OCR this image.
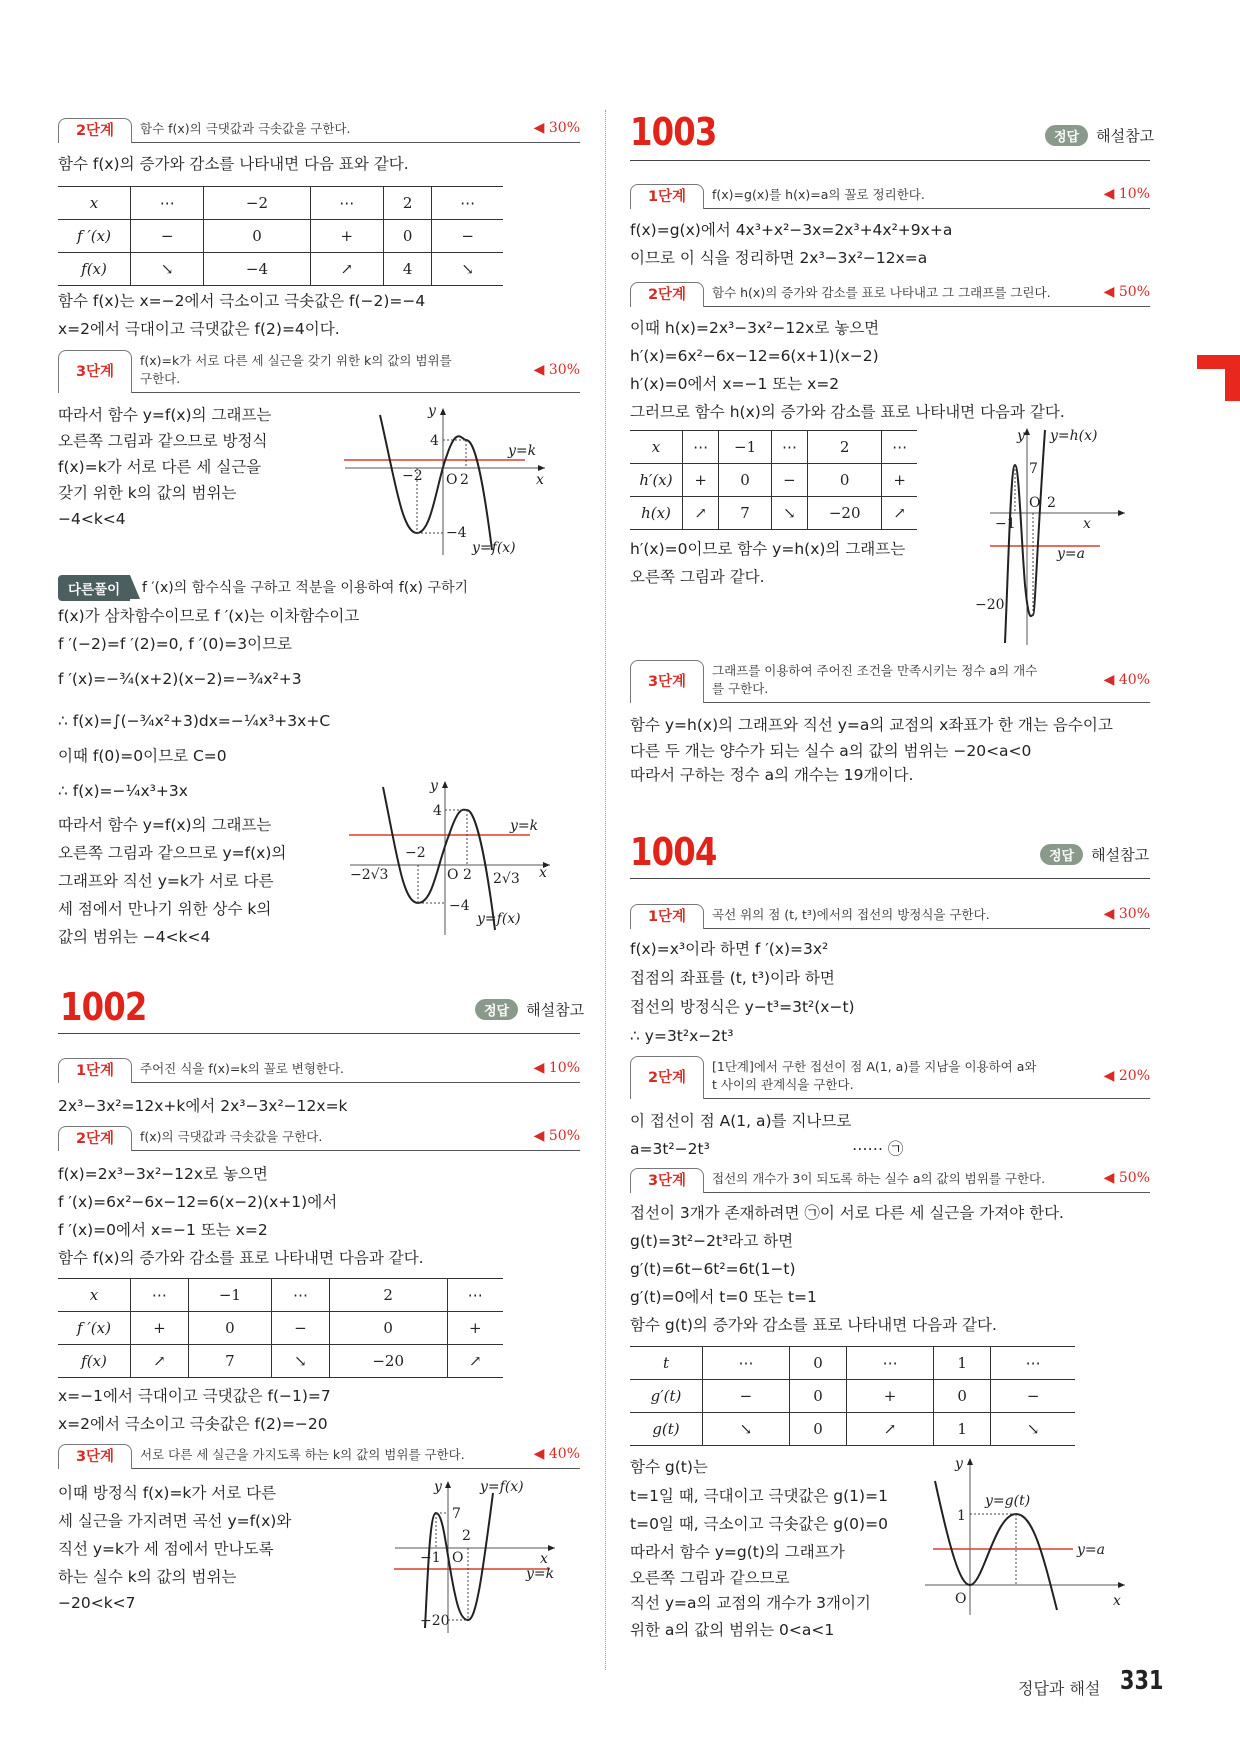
2단계	함수 f(x)의 극댓값과 극솟값을 구한다.	◀ 30%
함수 f(x)의 증가와 감소를 나타내면 다음 표와 같다.
x	⋯	−2	⋯	2	⋯
f ′(x)	−	0	+	0	−
f(x)	↘	−4	↗	4	↘
함수 f(x)는 x=−2에서 극소이고 극솟값은 f(−2)=−4
x=2에서 극대이고 극댓값은 f(2)=4이다.
3단계
f(x)=k가 서로 다른 세 실근을 갖기 위한 k의 값의 범위를
구한다.
◀ 30%
따라서 함수 y=f(x)의 그래프는
오른쪽 그림과 같으므로 방정식
f(x)=k가 서로 다른 세 실근을
갖기 위한 k의 값의 범위는
−4<k<4
y
4
−2 O 2
−4
x
y=k
y=f(x)
다른풀이	f ′(x)의 함수식을 구하고 적분을 이용하여 f(x) 구하기
f(x)가 삼차함수이므로 f ′(x)는 이차함수이고
f ′(−2)=f ′(2)=0, f ′(0)=3이므로
f ′(x)=−¾(x+2)(x−2)=−¾x²+3
∴ f(x)=∫(−¾x²+3)dx=−¼x³+3x+C
이때 f(0)=0이므로 C=0
∴ f(x)=−¼x³+3x
따라서 함수 y=f(x)의 그래프는
오른쪽 그림과 같으므로 y=f(x)의
그래프와 직선 y=k가 서로 다른
세 점에서 만나기 위한 상수 k의
값의 범위는 −4<k<4
y
4
−2
−2√3	O 2 2√3
−4
x
y=k
y=f(x)
1002	정답	해설참고
1단계	주어진 식을 f(x)=k의 꼴로 변형한다.	◀ 10%
2x³−3x²=12x+k에서 2x³−3x²−12x=k
2단계	f(x)의 극댓값과 극솟값을 구한다.	◀ 50%
f(x)=2x³−3x²−12x로 놓으면
f ′(x)=6x²−6x−12=6(x−2)(x+1)에서
f ′(x)=0에서 x=−1 또는 x=2
함수 f(x)의 증가와 감소를 표로 나타내면 다음과 같다.
x	⋯	−1	⋯	2	⋯
f ′(x)	+	0	−	0	+
f(x)	↗	7	↘	−20	↗
x=−1에서 극대이고 극댓값은 f(−1)=7
x=2에서 극소이고 극솟값은 f(2)=−20
3단계	서로 다른 세 실근을 가지도록 하는 k의 값의 범위를 구한다.	◀ 40%
이때 방정식 f(x)=k가 서로 다른
세 실근을 가지려면 곡선 y=f(x)와
직선 y=k가 세 점에서 만나도록
하는 실수 k의 값의 범위는
−20<k<7
y
7
2
−1 O
−20
x
y=k
y=f(x)
1003	정답	해설참고
1단계	f(x)=g(x)를 h(x)=a의 꼴로 정리한다.	◀ 10%
f(x)=g(x)에서 4x³+x²−3x=2x³+4x²+9x+a
이므로 이 식을 정리하면 2x³−3x²−12x=a
2단계	함수 h(x)의 증가와 감소를 표로 나타내고 그 그래프를 그린다.	◀ 50%
이때 h(x)=2x³−3x²−12x로 놓으면
h′(x)=6x²−6x−12=6(x+1)(x−2)
h′(x)=0에서 x=−1 또는 x=2
그러므로 함수 h(x)의 증가와 감소를 표로 나타내면 다음과 같다.
x	⋯	−1	⋯	2	⋯
h′(x)	+	0	−	0	+
h(x)	↗	7	↘	−20	↗
h′(x)=0이므로 함수 y=h(x)의 그래프는
오른쪽 그림과 같다.
y
7
O 2
−1
−20
x
y=a
y=h(x)
3단계
그래프를 이용하여 주어진 조건을 만족시키는 정수 a의 개수
를 구한다.
◀ 40%
함수 y=h(x)의 그래프와 직선 y=a의 교점의 x좌표가 한 개는 음수이고
다른 두 개는 양수가 되는 실수 a의 값의 범위는 −20<a<0
따라서 구하는 정수 a의 개수는 19개이다.
1004	정답	해설참고
1단계	곡선 위의 점 (t, t³)에서의 접선의 방정식을 구한다.	◀ 30%
f(x)=x³이라 하면 f ′(x)=3x²
접점의 좌표를 (t, t³)이라 하면
접선의 방정식은 y−t³=3t²(x−t)
∴ y=3t²x−2t³
2단계
[1단계]에서 구한 접선이 점 A(1, a)를 지남을 이용하여 a와
t 사이의 관계식을 구한다.
◀ 20%
이 접선이 점 A(1, a)를 지나므로
a=3t²−2t³	⋯⋯ ㉠
3단계	접선의 개수가 3이 되도록 하는 실수 a의 값의 범위를 구한다.	◀ 50%
접선이 3개가 존재하려면 ㉠이 서로 다른 세 실근을 가져야 한다.
g(t)=3t²−2t³라고 하면
g′(t)=6t−6t²=6t(1−t)
g′(t)=0에서 t=0 또는 t=1
함수 g(t)의 증가와 감소를 표로 나타내면 다음과 같다.
t	⋯	0	⋯	1	⋯
g′(t)	−	0	+	0	−
g(t)	↘	0	↗	1	↘
함수 g(t)는
t=1일 때, 극대이고 극댓값은 g(1)=1
t=0일 때, 극소이고 극솟값은 g(0)=0
따라서 함수 y=g(t)의 그래프가
오른쪽 그림과 같으므로
직선 y=a의 교점의 개수가 3개이기
위한 a의 값의 범위는 0<a<1
y
1
O	x
y=g(t)
y=a
정답과 해설 331
